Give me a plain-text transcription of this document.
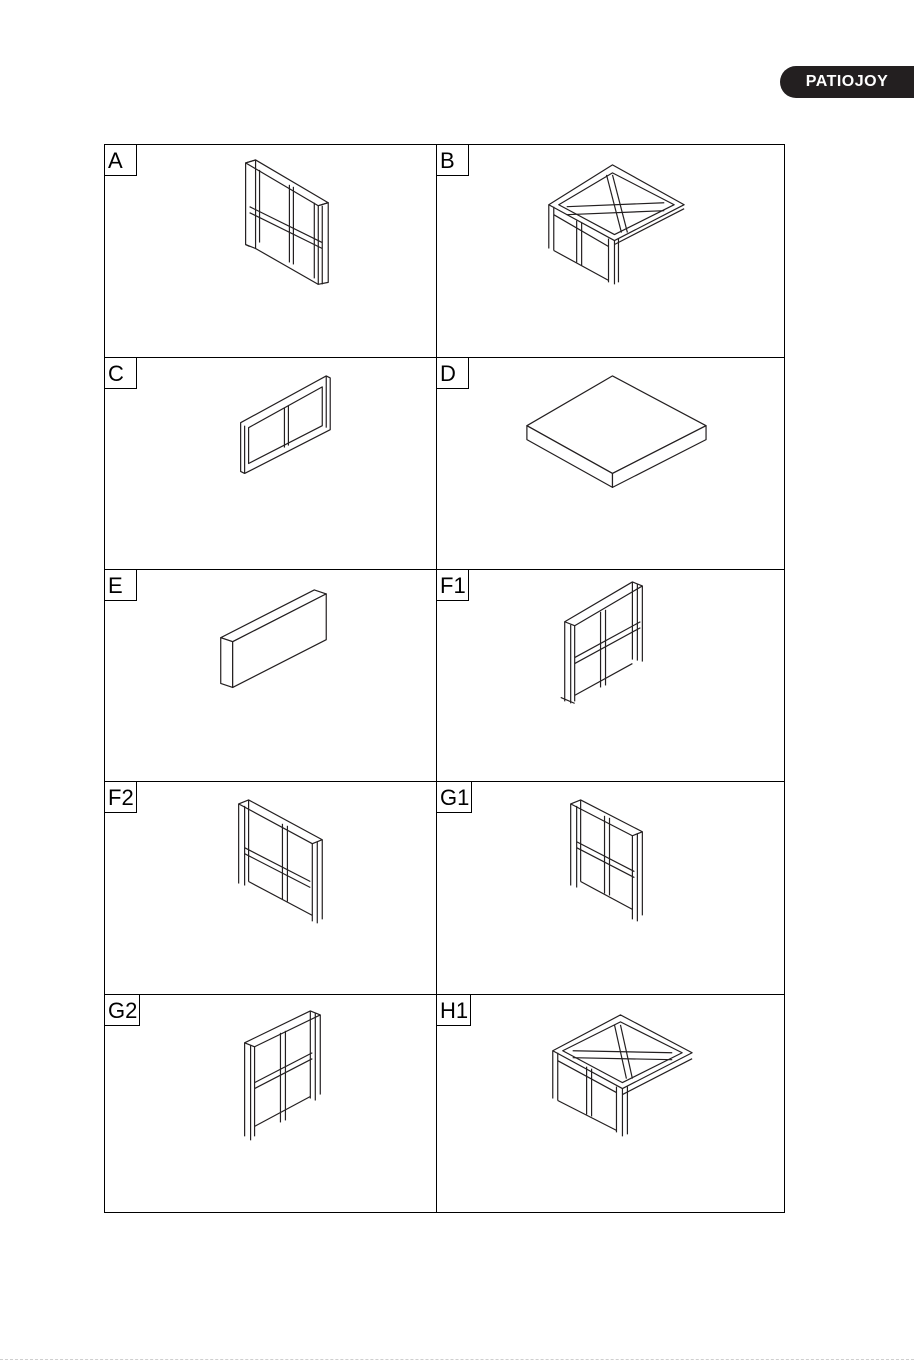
PATIOJOY
A	B
C	D
E	F1
F2	G1
G2	H1
